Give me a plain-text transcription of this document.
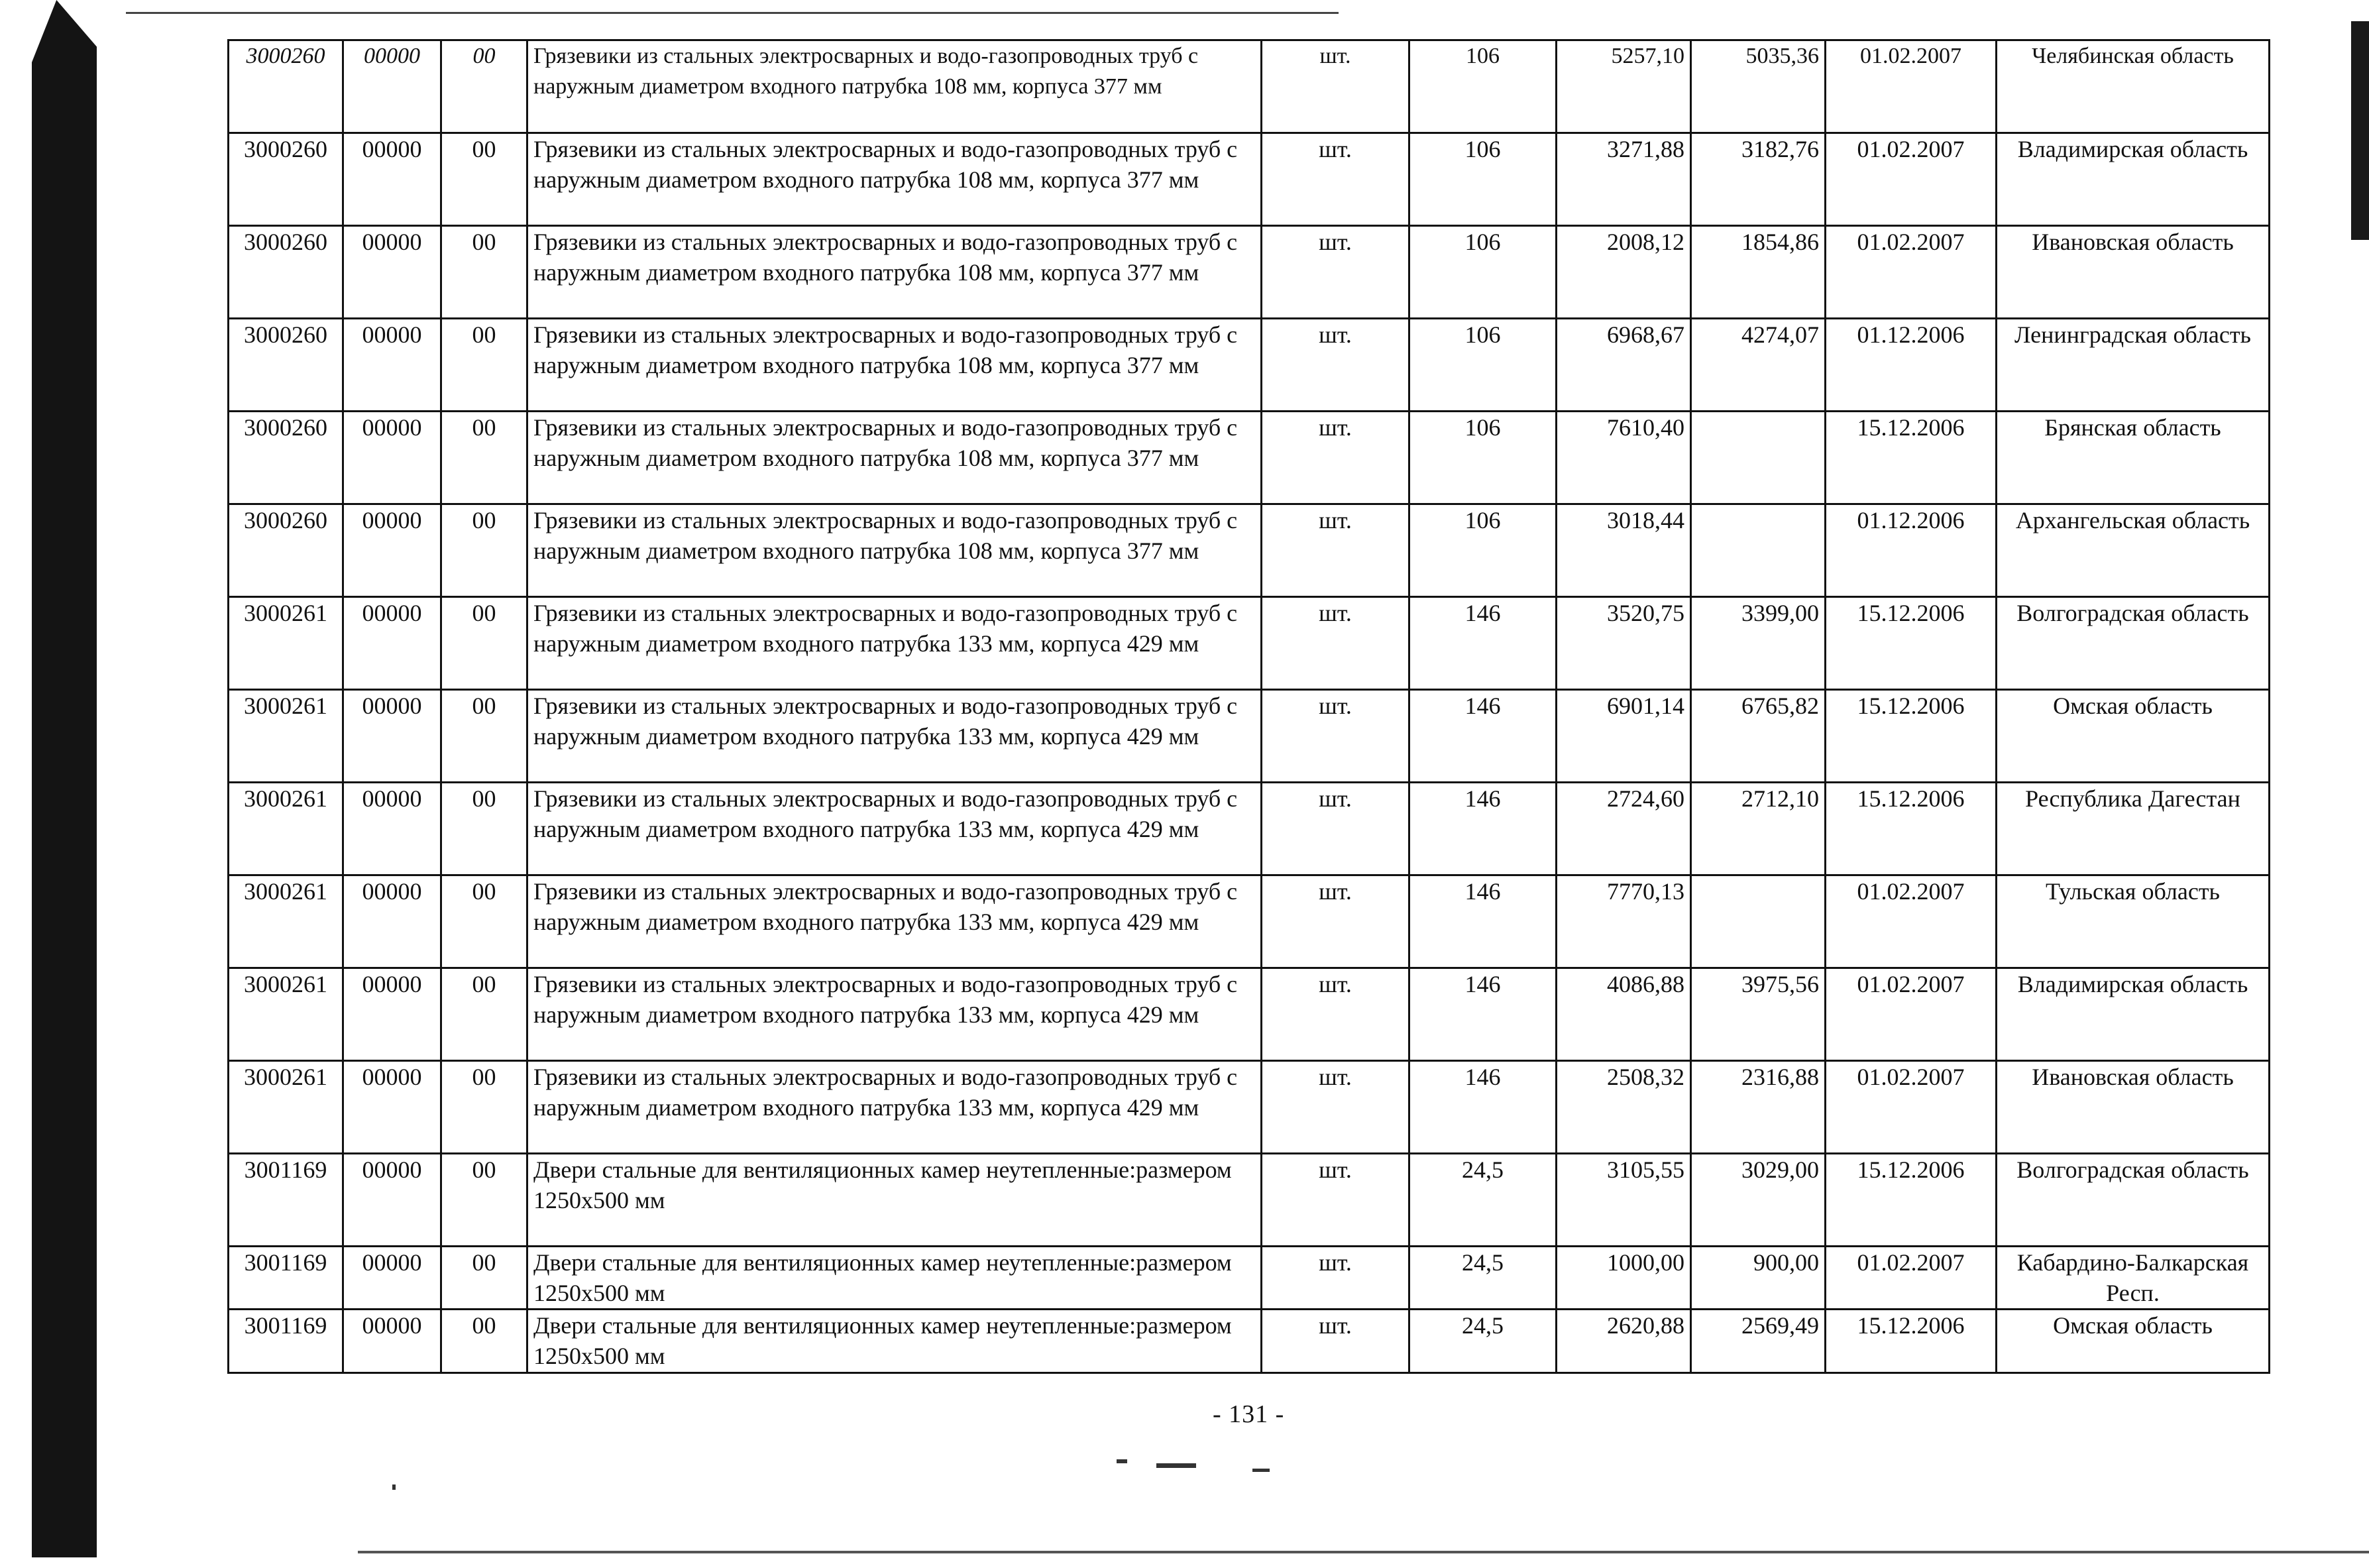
3000260	00000	00	Грязевики из стальных электросварных и водо-газопроводных труб с наружным диаметром входного патрубка 108 мм, корпуса 377 мм	шт.	106	5257,10	5035,36	01.02.2007	Челябинская область
3000260	00000	00	Грязевики из стальных электросварных и водо-газопроводных труб с наружным диаметром входного патрубка 108 мм, корпуса 377 мм	шт.	106	3271,88	3182,76	01.02.2007	Владимирская область
3000260	00000	00	Грязевики из стальных электросварных и водо-газопроводных труб с наружным диаметром входного патрубка 108 мм, корпуса 377 мм	шт.	106	2008,12	1854,86	01.02.2007	Ивановская область
3000260	00000	00	Грязевики из стальных электросварных и водо-газопроводных труб с наружным диаметром входного патрубка 108 мм, корпуса 377 мм	шт.	106	6968,67	4274,07	01.12.2006	Ленинградская область
3000260	00000	00	Грязевики из стальных электросварных и водо-газопроводных труб с наружным диаметром входного патрубка 108 мм, корпуса 377 мм	шт.	106	7610,40		15.12.2006	Брянская область
3000260	00000	00	Грязевики из стальных электросварных и водо-газопроводных труб с наружным диаметром входного патрубка 108 мм, корпуса 377 мм	шт.	106	3018,44		01.12.2006	Архангельская область
3000261	00000	00	Грязевики из стальных электросварных и водо-газопроводных труб с наружным диаметром входного патрубка 133 мм, корпуса 429 мм	шт.	146	3520,75	3399,00	15.12.2006	Волгоградская область
3000261	00000	00	Грязевики из стальных электросварных и водо-газопроводных труб с наружным диаметром входного патрубка 133 мм, корпуса 429 мм	шт.	146	6901,14	6765,82	15.12.2006	Омская область
3000261	00000	00	Грязевики из стальных электросварных и водо-газопроводных труб с наружным диаметром входного патрубка 133 мм, корпуса 429 мм	шт.	146	2724,60	2712,10	15.12.2006	Республика Дагестан
3000261	00000	00	Грязевики из стальных электросварных и водо-газопроводных труб с наружным диаметром входного патрубка 133 мм, корпуса 429 мм	шт.	146	7770,13		01.02.2007	Тульская область
3000261	00000	00	Грязевики из стальных электросварных и водо-газопроводных труб с наружным диаметром входного патрубка 133 мм, корпуса 429 мм	шт.	146	4086,88	3975,56	01.02.2007	Владимирская область
3000261	00000	00	Грязевики из стальных электросварных и водо-газопроводных труб с наружным диаметром входного патрубка 133 мм, корпуса 429 мм	шт.	146	2508,32	2316,88	01.02.2007	Ивановская область
3001169	00000	00	Двери стальные для вентиляционных камер неутепленные:размером 1250х500 мм	шт.	24,5	3105,55	3029,00	15.12.2006	Волгоградская область
3001169	00000	00	Двери стальные для вентиляционных камер неутепленные:размером 1250х500 мм	шт.	24,5	1000,00	900,00	01.02.2007	Кабардино-Балкарская Респ.
3001169	00000	00	Двери стальные для вентиляционных камер неутепленные:размером 1250х500 мм	шт.	24,5	2620,88	2569,49	15.12.2006	Омская область
- 131 -
